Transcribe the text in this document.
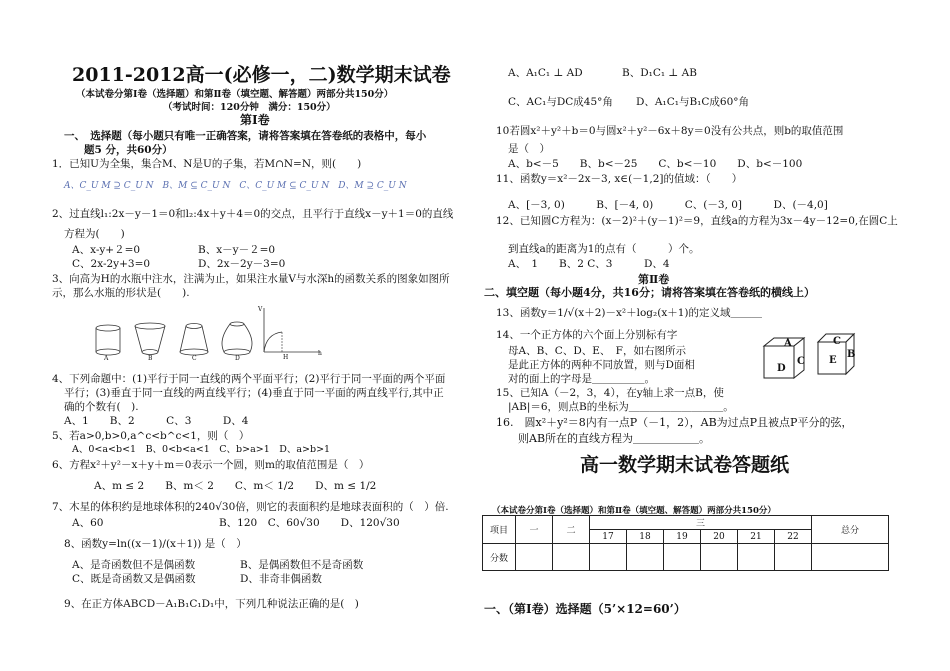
2011-2012高一(必修一，二)数学期末试卷
（本试卷分第Ⅰ卷（选择题）和第Ⅱ卷（填空题、解答题）两部分共150分）
（考试时间：120分钟　满分：150分）
第Ⅰ卷
一、　选择题（每小题只有唯一正确答案，请将答案填在答卷纸的表格中，每小
题5 分，共60分）
1．已知U为全集，集合M、N是U的子集，若M∩N=N，则(　　)
A、C_U M ⊇ C_U N　B、M ⊆ C_U N　C、C_U M ⊆ C_U N　D、M ⊇ C_U N
2、过直线l₁:2x－y－1＝0和l₂:4x＋y＋4＝0的交点，且平行于直线x－y＋1＝0的直线
方程为(　　)
A、x-y+２=0	B、x－y－２=0
C、2x-2y+3=0	D、2x－2y－3=0
3、向高为H的水瓶中注水，注满为止，如果注水量V与水深h的函数关系的图象如图所
示，那么水瓶的形状是(　　).
A	B	C	D
V
h
H
4、下列命题中：(1)平行于同一直线的两个平面平行；(2)平行于同一平面的两个平面
平行；(3)垂直于同一直线的两直线平行；(4)垂直于同一平面的两直线平行,其中正
确的个数有(　).
A、1　　B、2　　　C、3　　　D、4
5、若a>0,b>0,a^c<b^c<1，则（　）
A、0<a<b<1　B、0<b<a<1　C、b>a>1　D、a>b>1
6、方程x²＋y²－x＋y＋m＝0表示一个圆，则m的取值范围是（　）
A、m ≤ 2　　B、m＜ 2　　C、m＜ 1/2　　D、m ≤ 1/2
7、木星的体积约是地球体积的240√30倍，则它的表面积约是地球表面积的（　）倍.
A、60　　　　　　　　　　　B、120　C、60√30　　D、120√30
8、函数y=ln((x－1)/(x＋1)) 是（　）
A、是奇函数但不是偶函数	B、是偶函数但不是奇函数
C、既是奇函数又是偶函数	D、非奇非偶函数
9、在正方体ABCD－A₁B₁C₁D₁中，下列几种说法正确的是(　)
A、A₁C₁ ⊥ AD	B、D₁C₁ ⊥ AB
C、AC₁与DC成45°角 D、A₁C₁与B₁C成60°角
10若圆x²＋y²＋b＝0与圆x²＋y²－6x＋8y＝0没有公共点，则b的取值范围
是（　）
A、b<－5　　B、b<－25　　C、b<－10　　D、b<－100
11、函数y＝x²－2x－3, x∈(－1,2]的值域：（　　）
A、[－3, 0)　　　B、[－4, 0)　　　C、(－3, 0]　　　D、(－4,0]
12、已知圆C方程为：(x－2)²＋(y－1)²＝9，直线a的方程为3x－4y－12=0,在圆C上
到直线a的距离为1的点有（　　　）个。
A、　1　　B、2 C、3　　　D、4
第Ⅱ卷
二、填空题（每小题4分，共16分；请将答案填在答卷纸的横线上）
13、函数y＝1/√(x＋2)－x²＋log₂(x＋1)的定义域＿＿＿
14、一个正方体的六个面上分别标有字
母A、B、C、D、E、　F，如右图所示
是此正方体的两种不同放置，则与D面相
对的面上的字母是＿＿＿＿＿。
D
A
C E
C
B
15、已知A（－2，3，4），在y轴上求一点B，使
|AB|＝6，则点B的坐标为＿＿＿＿＿＿＿＿＿。
16.　圆x²＋y²＝8内有一点P（－1，2），AB为过点P且被点P平分的弦，
则AB所在的直线方程为＿＿＿＿＿＿。
高一数学期末试卷答题纸
（本试卷分第Ⅰ卷（选择题）和第Ⅱ卷（填空题、解答题）两部分共150分）
项目	一	二	三						总分
			17	18	19	20	21	22	
分数									
一、（第Ⅰ卷）选择题（5’×12=60’）
